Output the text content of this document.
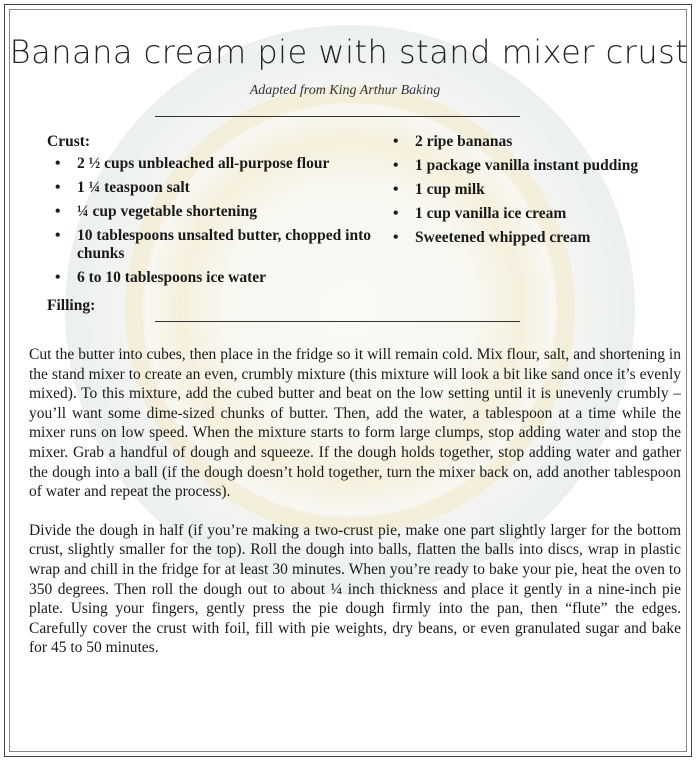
Banana cream pie with stand mixer crust
Adapted from King Arthur Baking
Crust:
• 2 ½ cups unbleached all-purpose flour
• 1 ¼ teaspoon salt
• ¼ cup vegetable shortening
• 10 tablespoons unsalted butter, chopped into chunks
• 6 to 10 tablespoons ice water
Filling:
• 2 ripe bananas
• 1 package vanilla instant pudding
• 1 cup milk
• 1 cup vanilla ice cream
• Sweetened whipped cream

Cut the butter into cubes, then place in the fridge so it will remain cold. Mix flour, salt, and shortening in the stand mixer to create an even, crumbly mixture (this mixture will look a bit like sand once it’s evenly mixed). To this mixture, add the cubed butter and beat on the low setting until it is unevenly crumbly – you’ll want some dime-sized chunks of butter. Then, add the water, a tablespoon at a time while the mixer runs on low speed. When the mixture starts to form large clumps, stop adding water and stop the mixer. Grab a handful of dough and squeeze. If the dough holds together, stop adding water and gather the dough into a ball (if the dough doesn’t hold together, turn the mixer back on, add another tablespoon of water and repeat the process).

Divide the dough in half (if you’re making a two-crust pie, make one part slightly larger for the bottom crust, slightly smaller for the top). Roll the dough into balls, flatten the balls into discs, wrap in plastic wrap and chill in the fridge for at least 30 minutes. When you’re ready to bake your pie, heat the oven to 350 degrees. Then roll the dough out to about ¼ inch thickness and place it gently in a nine-inch pie plate. Using your fingers, gently press the pie dough firmly into the pan, then “flute” the edges. Carefully cover the crust with foil, fill with pie weights, dry beans, or even granulated sugar and bake for 45 to 50 minutes.
